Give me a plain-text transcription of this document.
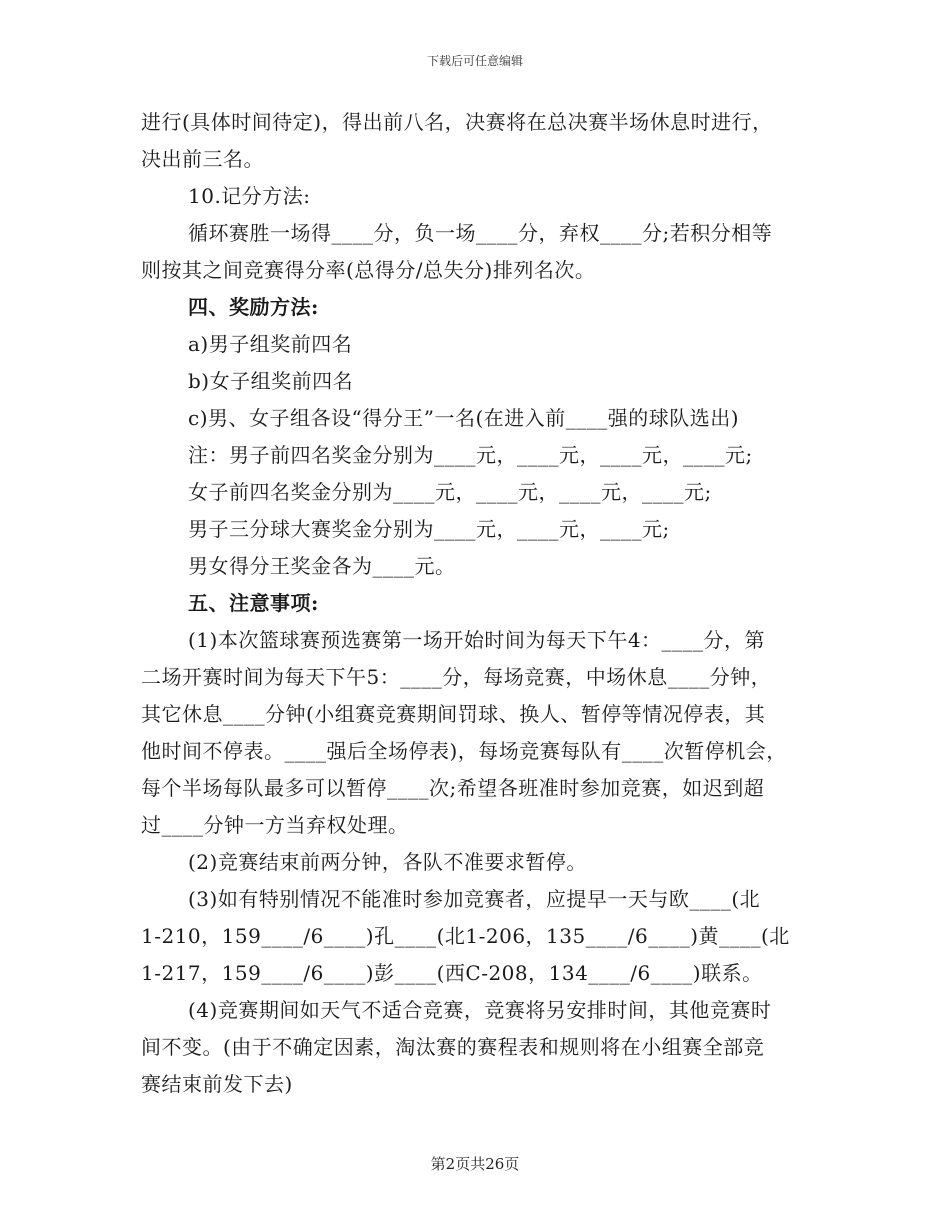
下载后可任意编辑
进行(具体时间待定)，得出前八名，决赛将在总决赛半场休息时进行，
决出前三名。
10.记分方法:
循环赛胜一场得____分，负一场____分，弃权____分;若积分相等
则按其之间竞赛得分率(总得分/总失分)排列名次。
四、奖励方法:
a)男子组奖前四名
b)女子组奖前四名
c)男、女子组各设“得分王”一名(在进入前____强的球队选出)
注：男子前四名奖金分别为____元，____元，____元，____元;
女子前四名奖金分别为____元，____元，____元，____元;
男子三分球大赛奖金分别为____元，____元，____元;
男女得分王奖金各为____元。
五、注意事项:
(1)本次篮球赛预选赛第一场开始时间为每天下午4：____分，第
二场开赛时间为每天下午5：____分，每场竞赛，中场休息____分钟，
其它休息____分钟(小组赛竞赛期间罚球、换人、暂停等情况停表，其
他时间不停表。____强后全场停表)，每场竞赛每队有____次暂停机会，
每个半场每队最多可以暂停____次;希望各班准时参加竞赛，如迟到超
过____分钟一方当弃权处理。
(2)竞赛结束前两分钟，各队不准要求暂停。
(3)如有特别情况不能准时参加竞赛者，应提早一天与欧____(北
1-210，159____/6____)孔____(北1-206，135____/6____)黄____(北
1-217，159____/6____)彭____(西C-208，134____/6____)联系。
(4)竞赛期间如天气不适合竞赛，竞赛将另安排时间，其他竞赛时
间不变。(由于不确定因素，淘汰赛的赛程表和规则将在小组赛全部竞
赛结束前发下去)
第2页共26页
